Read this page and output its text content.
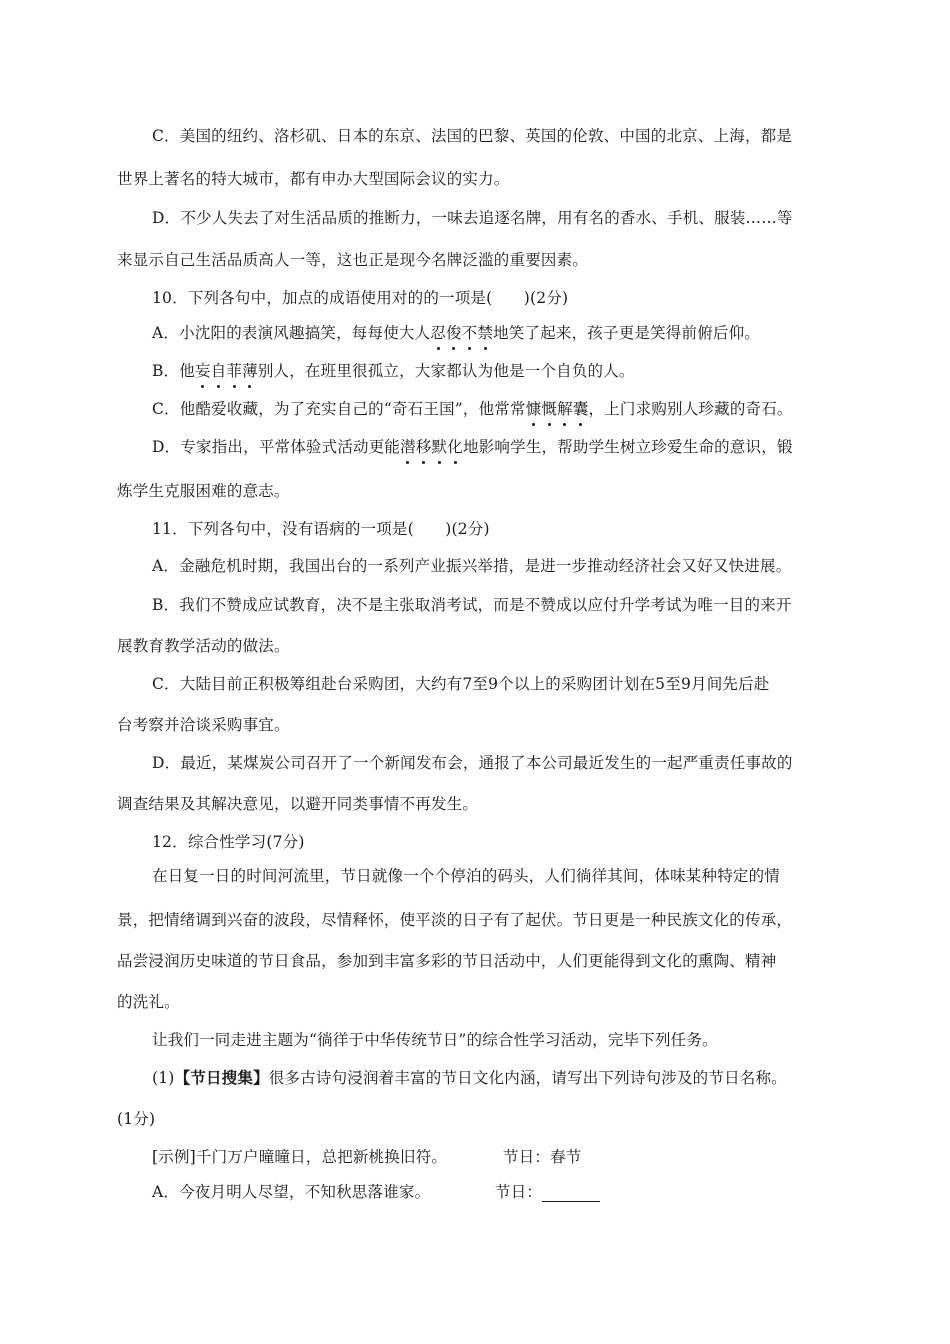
C．美国的纽约、洛杉矶、日本的东京、法国的巴黎、英国的伦敦、中国的北京、上海，都是
世界上著名的特大城市，都有申办大型国际会议的实力。
D．不少人失去了对生活品质的推断力，一味去追逐名牌，用有名的香水、手机、服装……等
来显示自己生活品质高人一等，这也正是现今名牌泛滥的重要因素。
10．下列各句中，加点的成语使用对的的一项是(　　)(2分)
A．小沈阳的表演风趣搞笑，每每使大人忍俊不禁地笑了起来，孩子更是笑得前俯后仰。
B．他妄自菲薄别人，在班里很孤立，大家都认为他是一个自负的人。
C．他酷爱收藏，为了充实自己的“奇石王国”，他常常慷慨解囊，上门求购别人珍藏的奇石。
D．专家指出，平常体验式活动更能潜移默化地影响学生，帮助学生树立珍爱生命的意识，锻
炼学生克服困难的意志。
11．下列各句中，没有语病的一项是(　　)(2分)
A．金融危机时期，我国出台的一系列产业振兴举措，是进一步推动经济社会又好又快进展。
B．我们不赞成应试教育，决不是主张取消考试，而是不赞成以应付升学考试为唯一目的来开
展教育教学活动的做法。
C．大陆目前正积极筹组赴台采购团，大约有7至9个以上的采购团计划在5至9月间先后赴
台考察并洽谈采购事宜。
D．最近，某煤炭公司召开了一个新闻发布会，通报了本公司最近发生的一起严重责任事故的
调查结果及其解决意见，以避开同类事情不再发生。
12．综合性学习(7分)
在日复一日的时间河流里，节日就像一个个停泊的码头，人们徜徉其间，体味某种特定的情
景，把情绪调到兴奋的波段，尽情释怀，使平淡的日子有了起伏。节日更是一种民族文化的传承，
品尝浸润历史味道的节日食品，参加到丰富多彩的节日活动中，人们更能得到文化的熏陶、精神
的洗礼。
让我们一同走进主题为“徜徉于中华传统节日”的综合性学习活动，完毕下列任务。
(1)【节日搜集】很多古诗句浸润着丰富的节日文化内涵，请写出下列诗句涉及的节日名称。
(1分)
[示例]千门万户曈曈日，总把新桃换旧符。	节日：春节
A．今夜月明人尽望，不知秋思落谁家。	节日：
